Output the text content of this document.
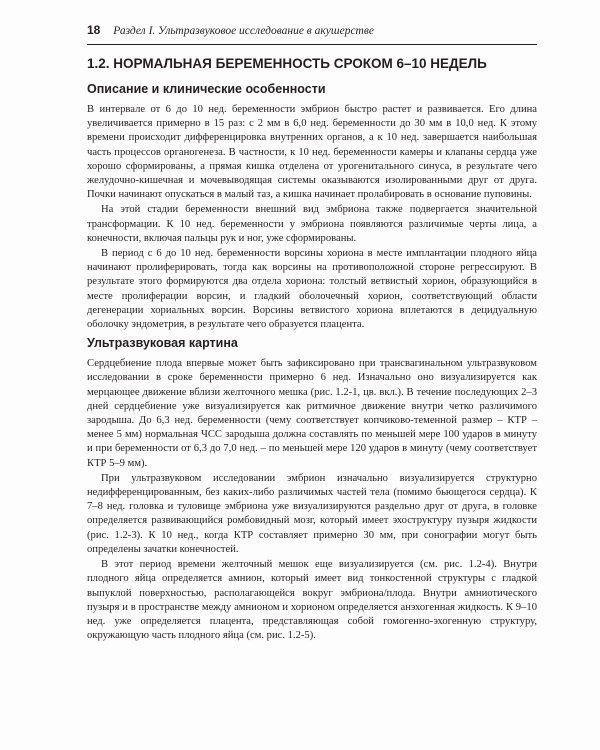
18 Раздел I. Ультразвуковое исследование в акушерстве
1.2. НОРМАЛЬНАЯ БЕРЕМЕННОСТЬ СРОКОМ 6–10 НЕДЕЛЬ
Описание и клинические особенности

В интервале от 6 до 10 нед. беременности эмбрион быстро растет и развивается. Его длина увеличивается примерно в 15 раз: с 2 мм в 6,0 нед. беременности до 30 мм в 10,0 нед. К этому времени происходит дифференцировка внутренних органов, а к 10 нед. завершается наибольшая часть процессов органогенеза. В частности, к 10 нед. беременности камеры и клапаны сердца уже хорошо сформированы, а прямая кишка отделена от урогенитального синуса, в результате чего желудочно-кишечная и мочевыводящая системы оказываются изолированными друг от друга. Почки начинают опускаться в малый таз, а кишка начинает пролабировать в основание пуповины.

На этой стадии беременности внешний вид эмбриона также подвергается значительной трансформации. К 10 нед. беременности у эмбриона появляются различимые черты лица, а конечности, включая пальцы рук и ног, уже сформированы.

В период с 6 до 10 нед. беременности ворсины хориона в месте имплантации плодного яйца начинают пролиферировать, тогда как ворсины на противоположной стороне регрессируют. В результате этого формируются два отдела хориона: толстый ветвистый хорион, образующийся в месте пролиферации ворсин, и гладкий оболочечный хорион, соответствующий области дегенерации хориальных ворсин. Ворсины ветвистого хориона вплетаются в децидуальную оболочку эндометрия, в результате чего образуется плацента.

Ультразвуковая картина

Сердцебиение плода впервые может быть зафиксировано при трансвагинальном ультразвуковом исследовании в сроке беременности примерно 6 нед. Изначально оно визуализируется как мерцающее движение вблизи желточного мешка (рис. 1.2-1, цв. вкл.). В течение последующих 2–3 дней сердцебиение уже визуализируется как ритмичное движение внутри четко различимого зародыша. До 6,3 нед. беременности (чему соответствует копчиково-теменной размер – КТР – менее 5 мм) нормальная ЧСС зародыша должна составлять по меньшей мере 100 ударов в минуту и при беременности от 6,3 до 7,0 нед. – по меньшей мере 120 ударов в минуту (чему соответствует КТР 5–9 мм).

При ультразвуковом исследовании эмбрион изначально визуализируется структурно недифференцированным, без каких-либо различимых частей тела (помимо бьющегося сердца). К 7–8 нед. головка и туловище эмбриона уже визуализируются раздельно друг от друга, в головке определяется развивающийся ромбовидный мозг, который имеет эхоструктуру пузыря жидкости (рис. 1.2-3). К 10 нед., когда КТР составляет примерно 30 мм, при сонографии могут быть определены зачатки конечностей.

В этот период времени желточный мешок еще визуализируется (см. рис. 1.2-4). Внутри плодного яйца определяется амнион, который имеет вид тонкостенной структуры с гладкой выпуклой поверхностью, располагающейся вокруг эмбриона/плода. Внутри амниотического пузыря и в пространстве между амнионом и хорионом определяется анэхогенная жидкость. К 9–10 нед. уже определяется плацента, представляющая собой гомогенно-эхогенную структуру, окружающую часть плодного яйца (см. рис. 1.2-5).
